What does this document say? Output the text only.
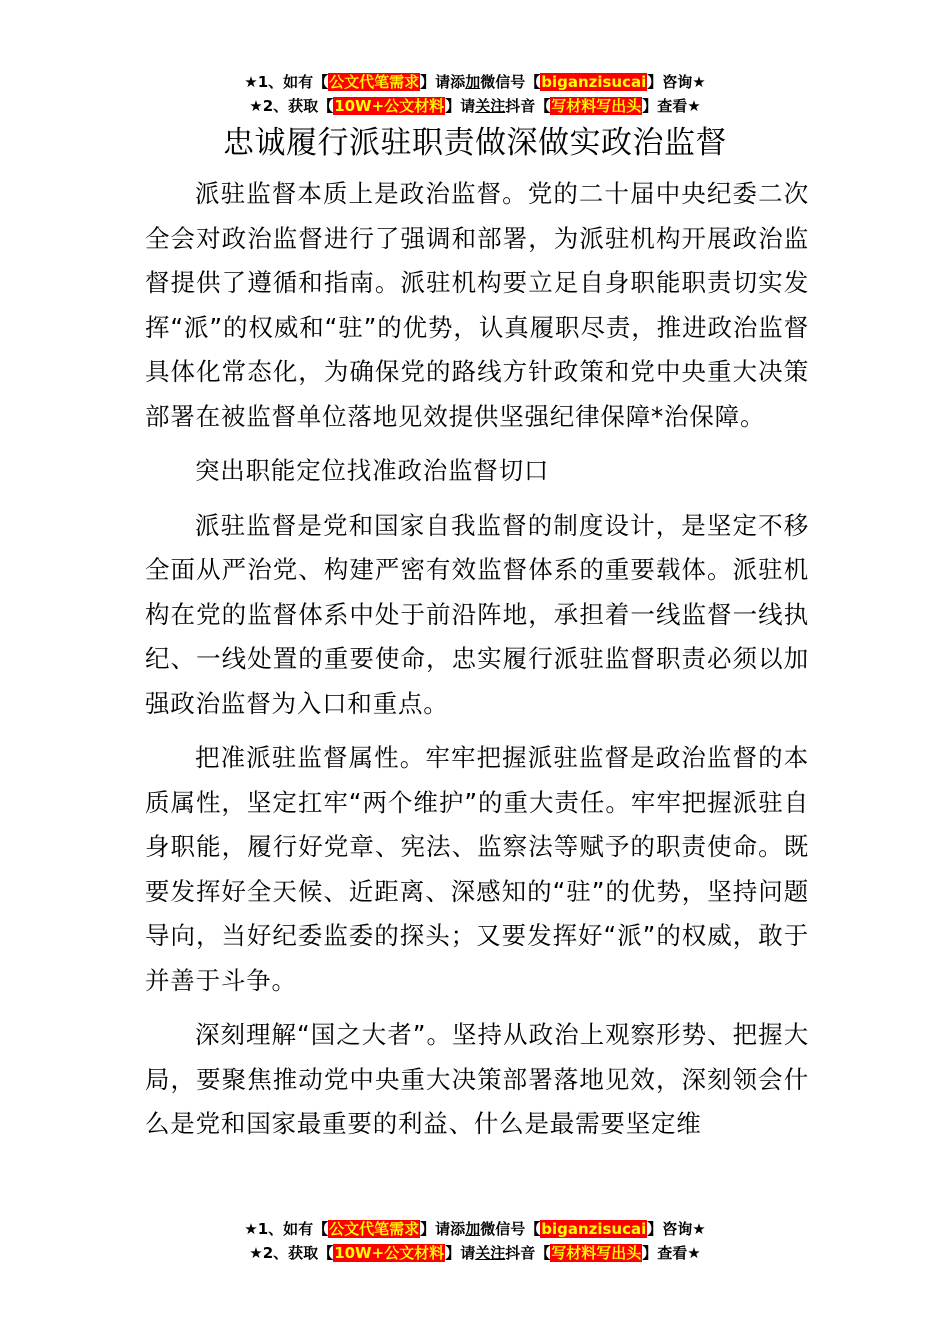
★1、如有【公文代笔需求】请添加微信号【biganzisucai】咨询★
★2、获取【10W+公文材料】请关注抖音【写材料写出头】查看★
忠诚履行派驻职责做深做实政治监督

派驻监督本质上是政治监督。党的二十届中央纪委二次全会对政治监督进行了强调和部署，为派驻机构开展政治监督提供了遵循和指南。派驻机构要立足自身职能职责切实发挥“派”的权威和“驻”的优势，认真履职尽责，推进政治监督具体化常态化，为确保党的路线方针政策和党中央重大决策部署在被监督单位落地见效提供坚强纪律保障*治保障。

突出职能定位找准政治监督切口

派驻监督是党和国家自我监督的制度设计，是坚定不移全面从严治党、构建严密有效监督体系的重要载体。派驻机构在党的监督体系中处于前沿阵地，承担着一线监督一线执纪、一线处置的重要使命，忠实履行派驻监督职责必须以加强政治监督为入口和重点。

把准派驻监督属性。牢牢把握派驻监督是政治监督的本质属性，坚定扛牢“两个维护”的重大责任。牢牢把握派驻自身职能，履行好党章、宪法、监察法等赋予的职责使命。既要发挥好全天候、近距离、深感知的“驻”的优势，坚持问题导向，当好纪委监委的探头；又要发挥好“派”的权威，敢于并善于斗争。

深刻理解“国之大者”。坚持从政治上观察形势、把握大局，要聚焦推动党中央重大决策部署落地见效，深刻领会什么是党和国家最重要的利益、什么是最需要坚定维

★1、如有【公文代笔需求】请添加微信号【biganzisucai】咨询★
★2、获取【10W+公文材料】请关注抖音【写材料写出头】查看★
